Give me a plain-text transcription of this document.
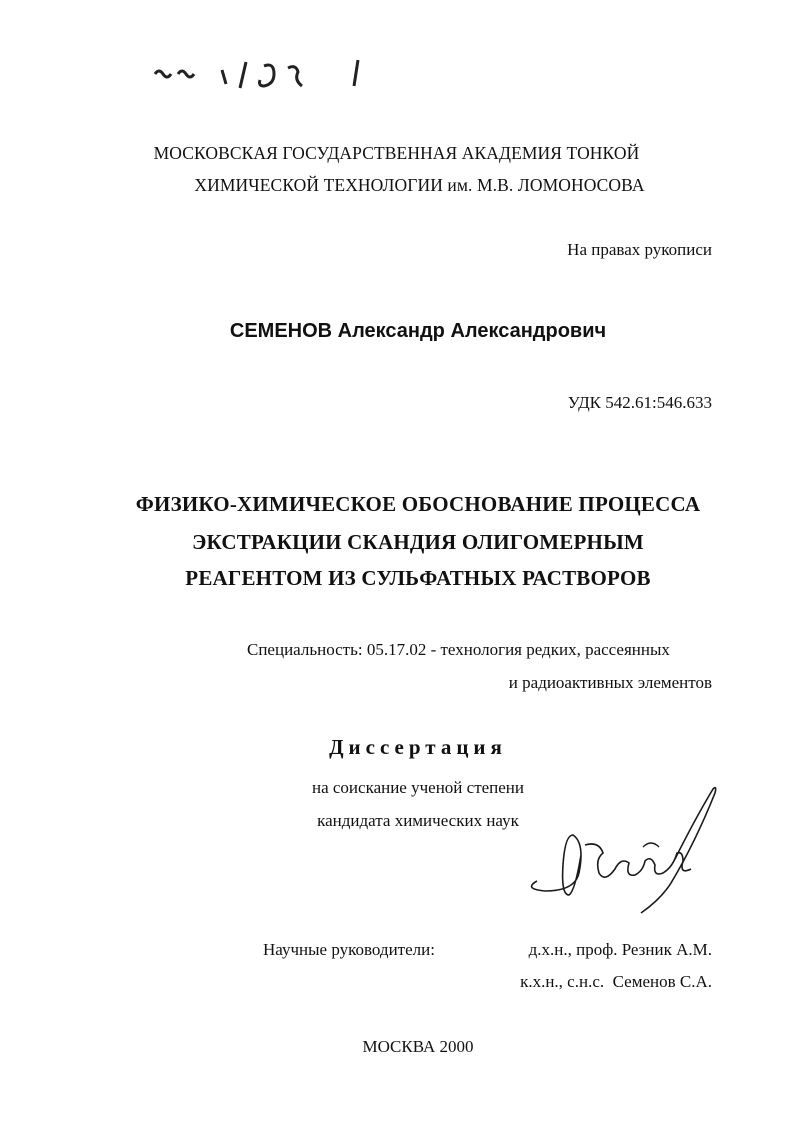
МОСКОВСКАЯ ГОСУДАРСТВЕННАЯ АКАДЕМИЯ ТОНКОЙ
ХИМИЧЕСКОЙ ТЕХНОЛОГИИ им. М.В. ЛОМОНОСОВА
На правах рукописи
СЕМЕНОВ Александр Александрович
УДК 542.61:546.633
ФИЗИКО-ХИМИЧЕСКОЕ ОБОСНОВАНИЕ ПРОЦЕССА
ЭКСТРАКЦИИ СКАНДИЯ ОЛИГОМЕРНЫМ
РЕАГЕНТОМ ИЗ СУЛЬФАТНЫХ РАСТВОРОВ
Специальность: 05.17.02 - технология редких, рассеянных
и радиоактивных элементов
Диссертация
на соискание ученой степени
кандидата химических наук
Научные руководители:	д.х.н., проф. Резник А.М.
к.х.н., с.н.с.  Семенов С.А.
МОСКВА 2000
